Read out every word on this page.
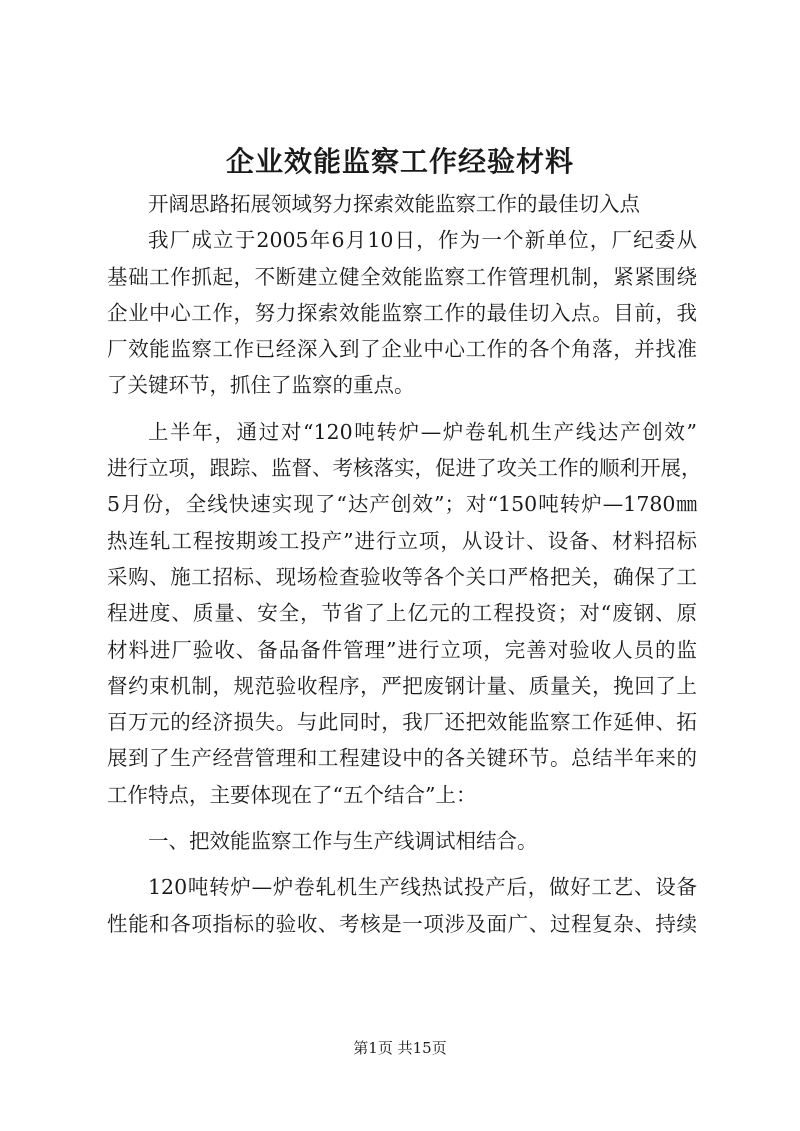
企业效能监察工作经验材料
开阔思路拓展领域努力探索效能监察工作的最佳切入点
我厂成立于2005年6月10日，作为一个新单位，厂纪委从
基础工作抓起，不断建立健全效能监察工作管理机制，紧紧围绕
企业中心工作，努力探索效能监察工作的最佳切入点。目前，我
厂效能监察工作已经深入到了企业中心工作的各个角落，并找准
了关键环节，抓住了监察的重点。
上半年，通过对“120吨转炉—炉卷轧机生产线达产创效”
进行立项，跟踪、监督、考核落实，促进了攻关工作的顺利开展，
5月份，全线快速实现了“达产创效”；对“150吨转炉—1780㎜
热连轧工程按期竣工投产”进行立项，从设计、设备、材料招标
采购、施工招标、现场检查验收等各个关口严格把关，确保了工
程进度、质量、安全，节省了上亿元的工程投资；对“废钢、原
材料进厂验收、备品备件管理”进行立项，完善对验收人员的监
督约束机制，规范验收程序，严把废钢计量、质量关，挽回了上
百万元的经济损失。与此同时，我厂还把效能监察工作延伸、拓
展到了生产经营管理和工程建设中的各关键环节。总结半年来的
工作特点，主要体现在了“五个结合”上：
一、把效能监察工作与生产线调试相结合。
120吨转炉—炉卷轧机生产线热试投产后，做好工艺、设备
性能和各项指标的验收、考核是一项涉及面广、过程复杂、持续
第1页 共15页
